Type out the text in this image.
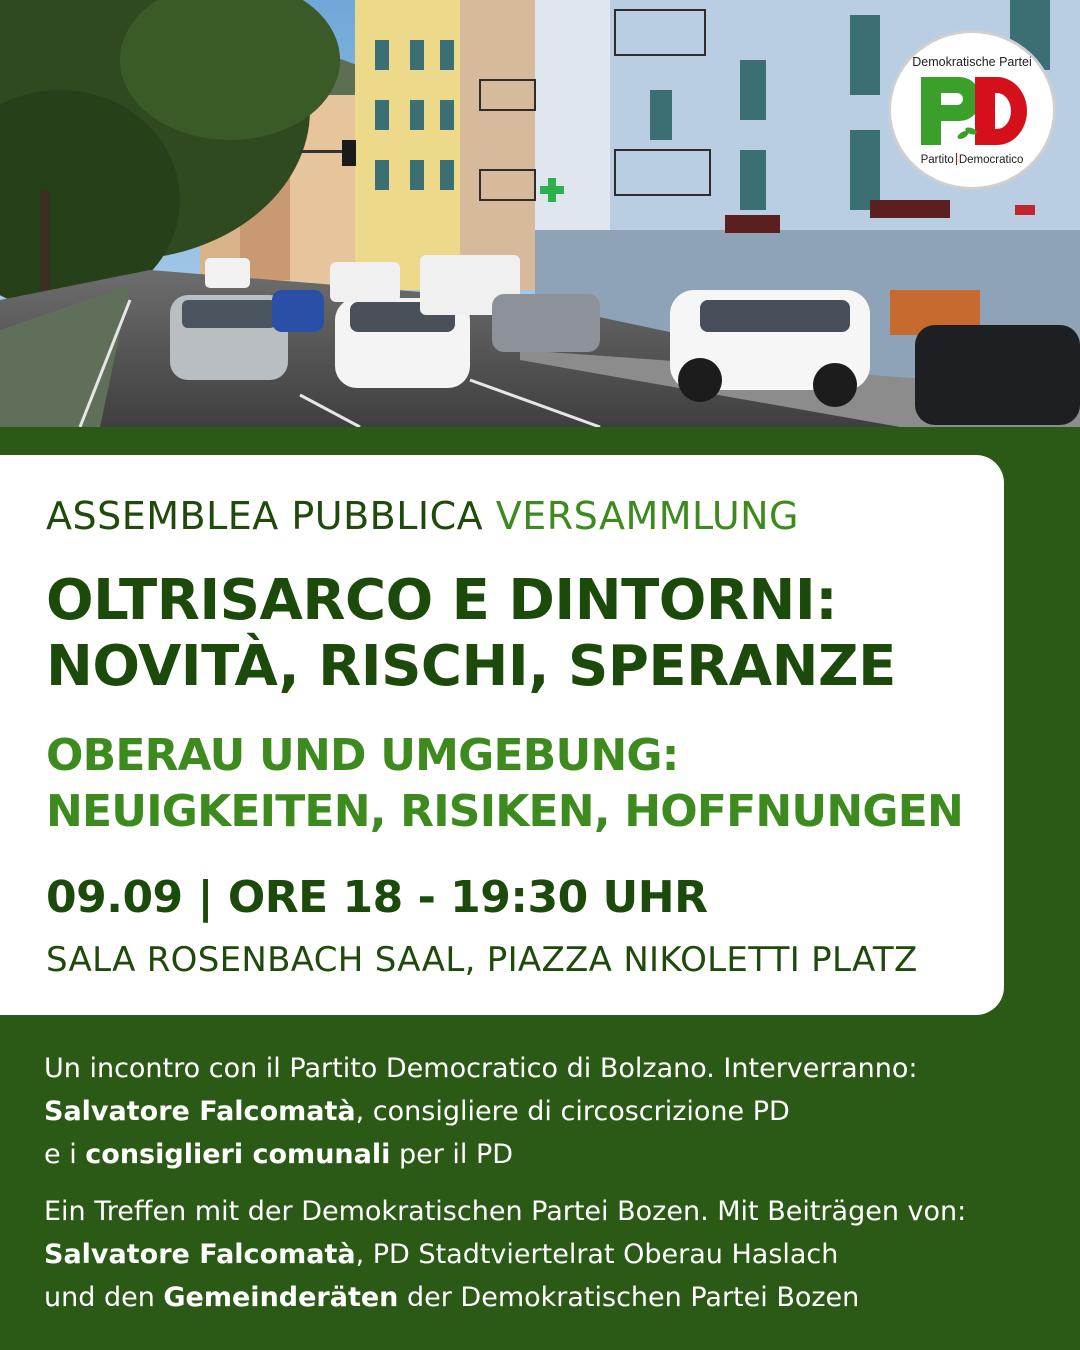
Demokratische Partei
Partito Democratico
ASSEMBLEA PUBBLICA VERSAMMLUNG
OLTRISARCO E DINTORNI:
NOVITÀ, RISCHI, SPERANZE
OBERAU UND UMGEBUNG:
NEUIGKEITEN, RISIKEN, HOFFNUNGEN
09.09 | ORE 18 - 19:30 UHR
SALA ROSENBACH SAAL, PIAZZA NIKOLETTI PLATZ
Un incontro con il Partito Democratico di Bolzano. Interverranno:
Salvatore Falcomatà, consigliere di circoscrizione PD
e i consiglieri comunali per il PD
Ein Treffen mit der Demokratischen Partei Bozen. Mit Beiträgen von:
Salvatore Falcomatà, PD Stadtviertelrat Oberau Haslach
und den Gemeinderäten der Demokratischen Partei Bozen
